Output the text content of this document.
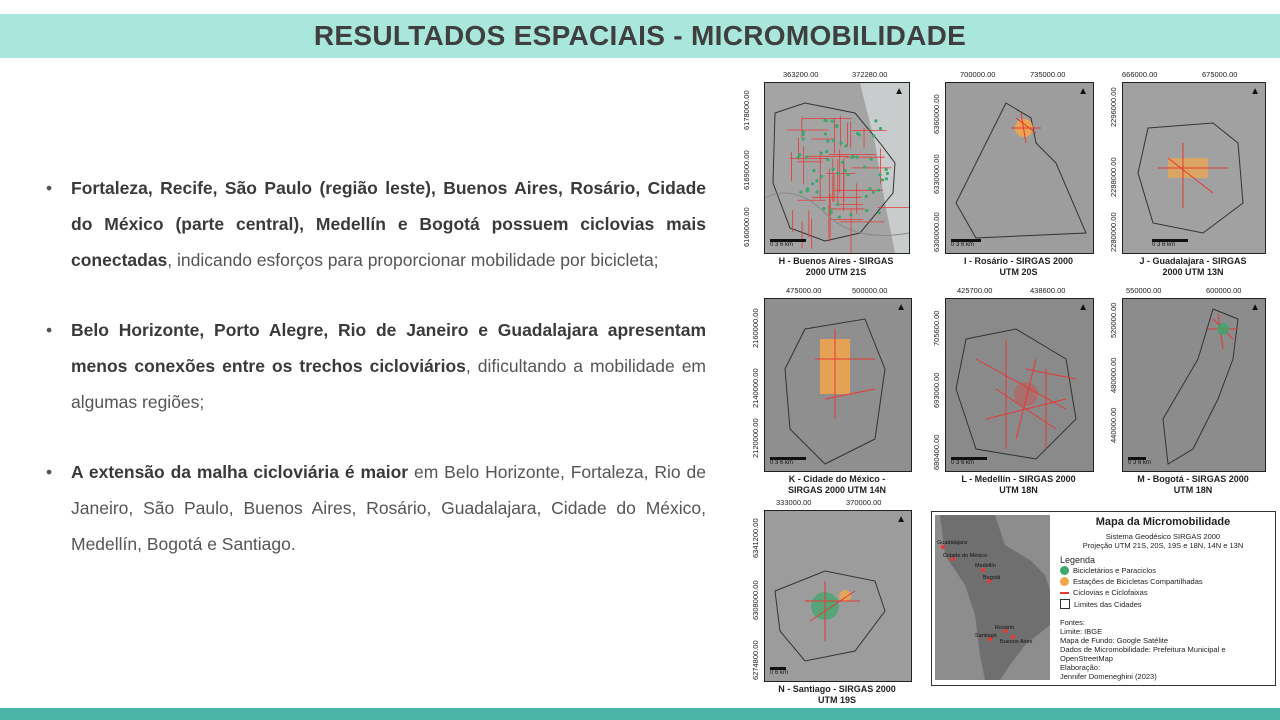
RESULTADOS ESPACIAIS - MICROMOBILIDADE
• Fortaleza, Recife, São Paulo (região leste), Buenos Aires, Rosário, Cidade do México (parte central), Medellín e Bogotá possuem ciclovias mais conectadas, indicando esforços para proporcionar mobilidade por bicicleta;
• Belo Horizonte, Porto Alegre, Rio de Janeiro e Guadalajara apresentam menos conexões entre os trechos cicloviários, dificultando a mobilidade em algumas regiões;
• A extensão da malha cicloviária é maior em Belo Horizonte, Fortaleza, Rio de Janeiro, São Paulo, Buenos Aires, Rosário, Guadalajara, Cidade do México, Medellín, Bogotá e Santiago.
363200.00	372280.00
6178000.00
6169000.00
6160000.00	0 3 6 km
▲
H - Buenos Aires - SIRGAS
2000 UTM 21S
700000.00	735000.00
6360000.00
6330000.00
6300000.00 0 3 6 km
▲
I - Rosário - SIRGAS 2000
UTM 20S
666000.00	675000.00
2296000.00
2288000.00
2280000.00	0 3 6 km
▲
J - Guadalajara - SIRGAS
2000 UTM 13N
475000.00	500000.00
2160000.00
2140000.00
2120000.00
0 3 6 km
▲
K - Cidade do México -
SIRGAS 2000 UTM 14N
425700.00	438600.00
705600.00
693000.00
680400.00 0 3 6 km
▲
L - Medellín - SIRGAS 2000
UTM 18N
550000.00	600000.00
520000.00
480000.00
440000.00
0 3 6 km
▲
M - Bogotá - SIRGAS 2000
UTM 18N
333000.00	370000.00
6341200.00
6308000.00
6274800.00 0 6 km
▲
N - Santiago - SIRGAS 2000
UTM 19S
Guadalajara
Cidade do México
Medellín
Bogotá
Rosário
Santiago
Buenos Aires
Mapa da Micromobilidade
Sistema Geodésico SIRGAS 2000
Projeção UTM 21S, 20S, 19S e 18N, 14N e 13N
Legenda
Bicicletários e Paraciclos
Estações de Bicicletas Compartilhadas
Ciclovias e Ciclofaixas
Limites das Cidades
Fontes:
Limite: IBGE
Mapa de Fundo: Google Satélite
Dados de Micromobilidade: Prefeitura Municipal e
OpenStreetMap
Elaboração:
Jennifer Domeneghini (2023)
